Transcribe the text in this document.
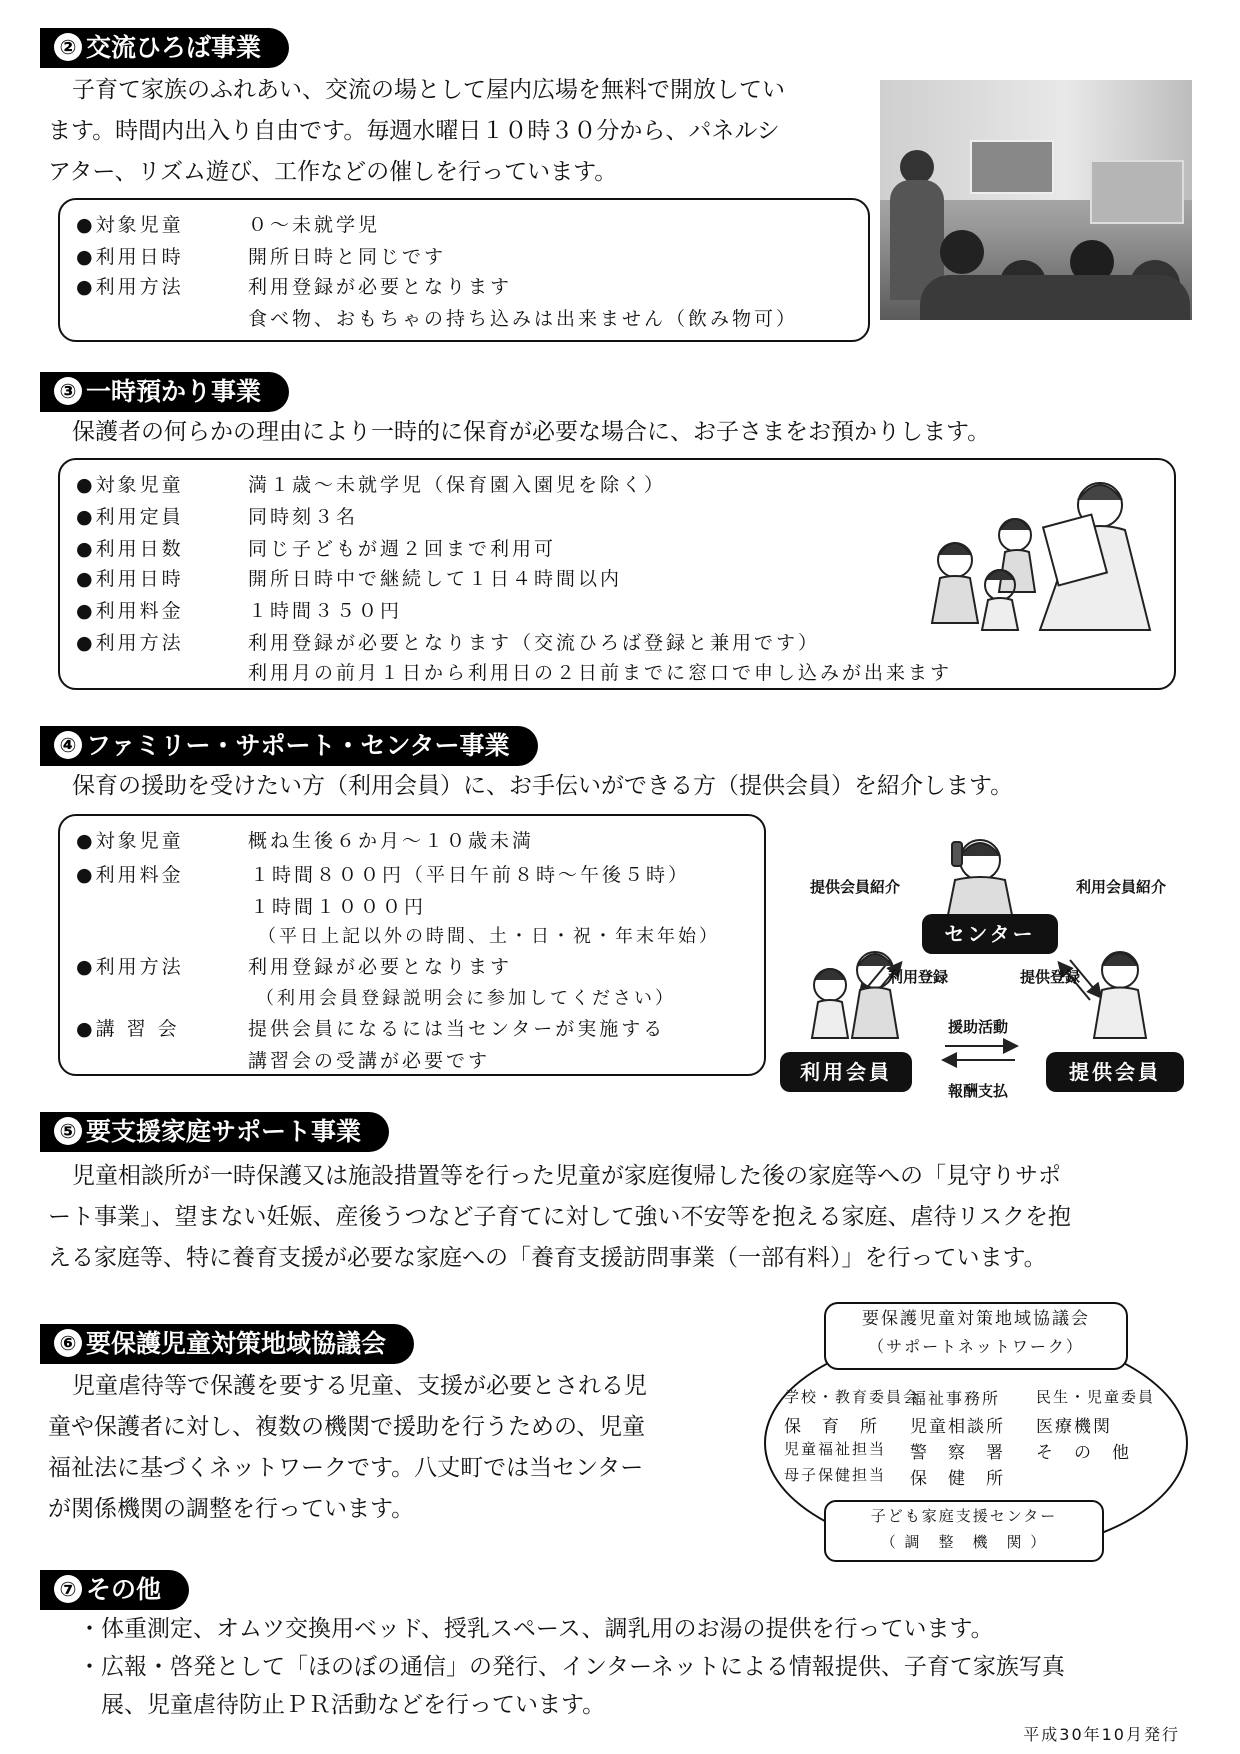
② 交流ひろば事業
子育て家族のふれあい、交流の場として屋内広場を無料で開放してい
ます。時間内出入り自由です。毎週水曜日１０時３０分から、パネルシ
アター、リズム遊び、工作などの催しを行っています。
●対象児童	０～未就学児
●利用日時	開所日時と同じです
●利用方法	利用登録が必要となります
食べ物、おもちゃの持ち込みは出来ません（飲み物可）
③ 一時預かり事業
保護者の何らかの理由により一時的に保育が必要な場合に、お子さまをお預かりします。
●対象児童	満１歳～未就学児（保育園入園児を除く）
●利用定員	同時刻３名
●利用日数	同じ子どもが週２回まで利用可
●利用日時	開所日時中で継続して１日４時間以内
●利用料金	１時間３５０円
●利用方法	利用登録が必要となります（交流ひろば登録と兼用です）
利用月の前月１日から利用日の２日前までに窓口で申し込みが出来ます
④ ファミリー・サポート・センター事業
保育の援助を受けたい方（利用会員）に、お手伝いができる方（提供会員）を紹介します。
●対象児童	概ね生後６か月～１０歳未満
●利用料金	１時間８００円（平日午前８時～午後５時）
１時間１０００円
（平日上記以外の時間、土・日・祝・年末年始）
●利用方法	利用登録が必要となります
（利用会員登録説明会に参加してください）
●講 習 会	提供会員になるには当センターが実施する
講習会の受講が必要です
センター
利用会員	提供会員
提供会員紹介	利用会員紹介
利用登録	提供登録
援助活動
報酬支払
⑤ 要支援家庭サポート事業
児童相談所が一時保護又は施設措置等を行った児童が家庭復帰した後の家庭等への「見守りサポ
ート事業」、望まない妊娠、産後うつなど子育てに対して強い不安等を抱える家庭、虐待リスクを抱
える家庭等、特に養育支援が必要な家庭への「養育支援訪問事業（一部有料）」を行っています。
⑥ 要保護児童対策地域協議会
児童虐待等で保護を要する児童、支援が必要とされる児
童や保護者に対し、複数の機関で援助を行うための、児童
福祉法に基づくネットワークです。八丈町では当センター
が関係機関の調整を行っています。
要保護児童対策地域協議会
（サポートネットワーク）
学校・教育委員会
福祉事務所 民生・児童委員
保　育　所 児童相談所 医療機関
児童福祉担当 警　察　署 そ　の　他
母子保健担当 保　健　所
子ども家庭支援センター
（ 調　整　機　関 ）
⑦ その他
・体重測定、オムツ交換用ベッド、授乳スペース、調乳用のお湯の提供を行っています。
・広報・啓発として「ほのぼの通信」の発行、インターネットによる情報提供、子育て家族写真
　展、児童虐待防止ＰＲ活動などを行っています。
平成30年10月発行
